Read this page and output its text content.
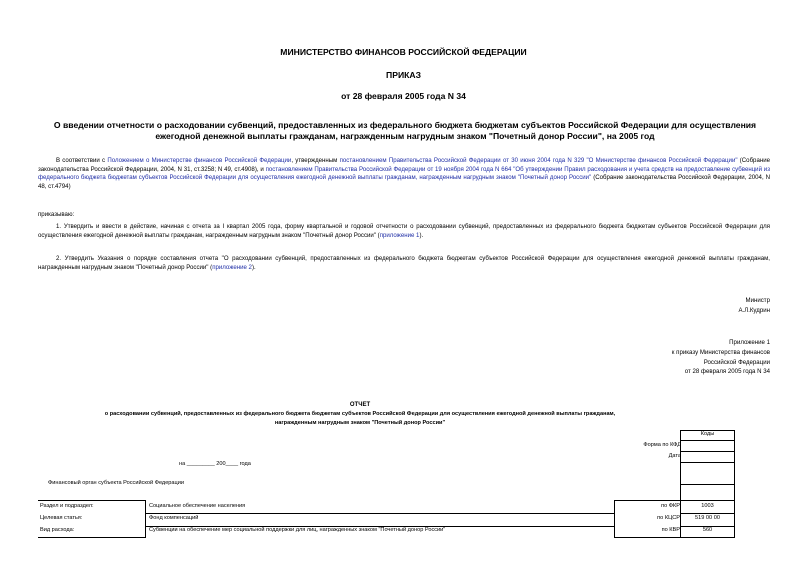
МИНИСТЕРСТВО ФИНАНСОВ РОССИЙСКОЙ ФЕДЕРАЦИИ
ПРИКАЗ
от 28 февраля 2005 года N 34
О введении отчетности о расходовании субвенций, предоставленных из федерального бюджета бюджетам субъектов Российской Федерации для осуществления
ежегодной денежной выплаты гражданам, награжденным нагрудным знаком "Почетный донор России", на 2005 год
В соответствии с Положением о Министерстве финансов Российской Федерации, утвержденным постановлением Правительства Российской Федерации от 30 июня 2004 года N 329 "О Министерстве финансов Российской Федерации" (Собрание законодательства Российской Федерации, 2004, N 31, ст.3258; N 49, ст.4908), и постановлением Правительства Российской Федерации от 19 ноября 2004 года N 664 "Об утверждении Правил расходования и учета средств на предоставление субвенций из федерального бюджета бюджетам субъектов Российской Федерации для осуществления ежегодной денежной выплаты гражданам, награжденным нагрудным знаком "Почетный донор России" (Собрание законодательства Российской Федерации, 2004, N 48, ст.4794)
приказываю:
1. Утвердить и ввести в действие, начиная с отчета за I квартал 2005 года, форму квартальной и годовой отчетности о расходовании субвенций, предоставленных из федерального бюджета бюджетам субъектов Российской Федерации для осуществления ежегодной денежной выплаты гражданам, награжденным нагрудным знаком "Почетный донор России" (приложение 1).
2. Утвердить Указания о порядке составления отчета "О расходовании субвенций, предоставленных из федерального бюджета бюджетам субъектов Российской Федерации для осуществления ежегодной денежной выплаты гражданам, награжденным нагрудным знаком "Почетный донор России" (приложение 2).
Министр
А.Л.Кудрин
Приложение 1
к приказу Министерства финансов
Российской Федерации
от 28 февраля 2005 года N 34
ОТЧЕТ
о расходовании субвенций, предоставленных из федерального бюджета бюджетам субъектов Российской Федерации для осуществления ежегодной денежной выплаты гражданам,
награжденным нагрудным знаком "Почетный донор России"
Коды
Форма по КФД
Дата
на _________ 200____ года
Финансовый орган субъекта Российской Федерации
Раздел и подраздел:	Социальное обеспечение населения	по ФКР	1003
Целевая статья:	Фонд компенсаций	по КЦСР	519 00 00
Вид расхода:	Субвенции на обеспечение мер социальной поддержки для лиц, награжденных знаком "Почетный донор России"	по КВР	560
